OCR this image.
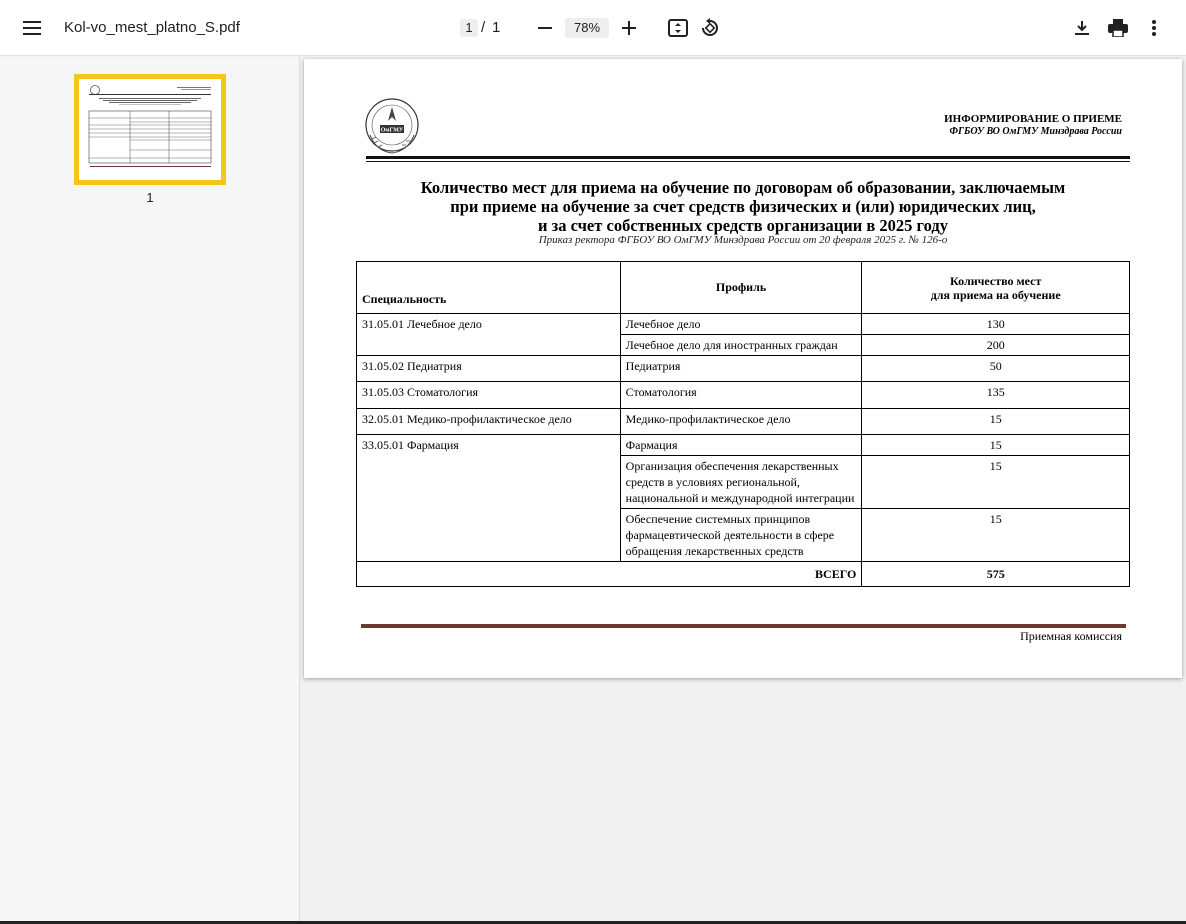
Kol-vo_mest_platno_S.pdf	1 / 1	78%
1
ОмГМУ
ИНФОРМИРОВАНИЕ О ПРИЕМЕ
ФГБОУ ВО ОмГМУ Минздрава России
Количество мест для приема на обучение по договорам об образовании, заключаемым
при приеме на обучение за счет средств физических и (или) юридических лиц,
и за счет собственных средств организации в 2025 году
Приказ ректора ФГБОУ ВО ОмГМУ Минздрава России от 20 февраля 2025 г. № 126-о
Специальность	Профиль	Количество мест
для приема на обучение
31.05.01 Лечебное дело	Лечебное дело	130
	Лечебное дело для иностранных граждан	200
31.05.02 Педиатрия	Педиатрия	50
31.05.03 Стоматология	Стоматология	135
32.05.01 Медико-профилактическое дело	Медико-профилактическое дело	15
33.05.01 Фармация	Фармация	15
	Организация обеспечения лекарственных средств в условиях региональной, национальной и международной интеграции	15
	Обеспечение системных принципов фармацевтической деятельности в сфере обращения лекарственных средств	15
ВСЕГО		575
Приемная комиссия
